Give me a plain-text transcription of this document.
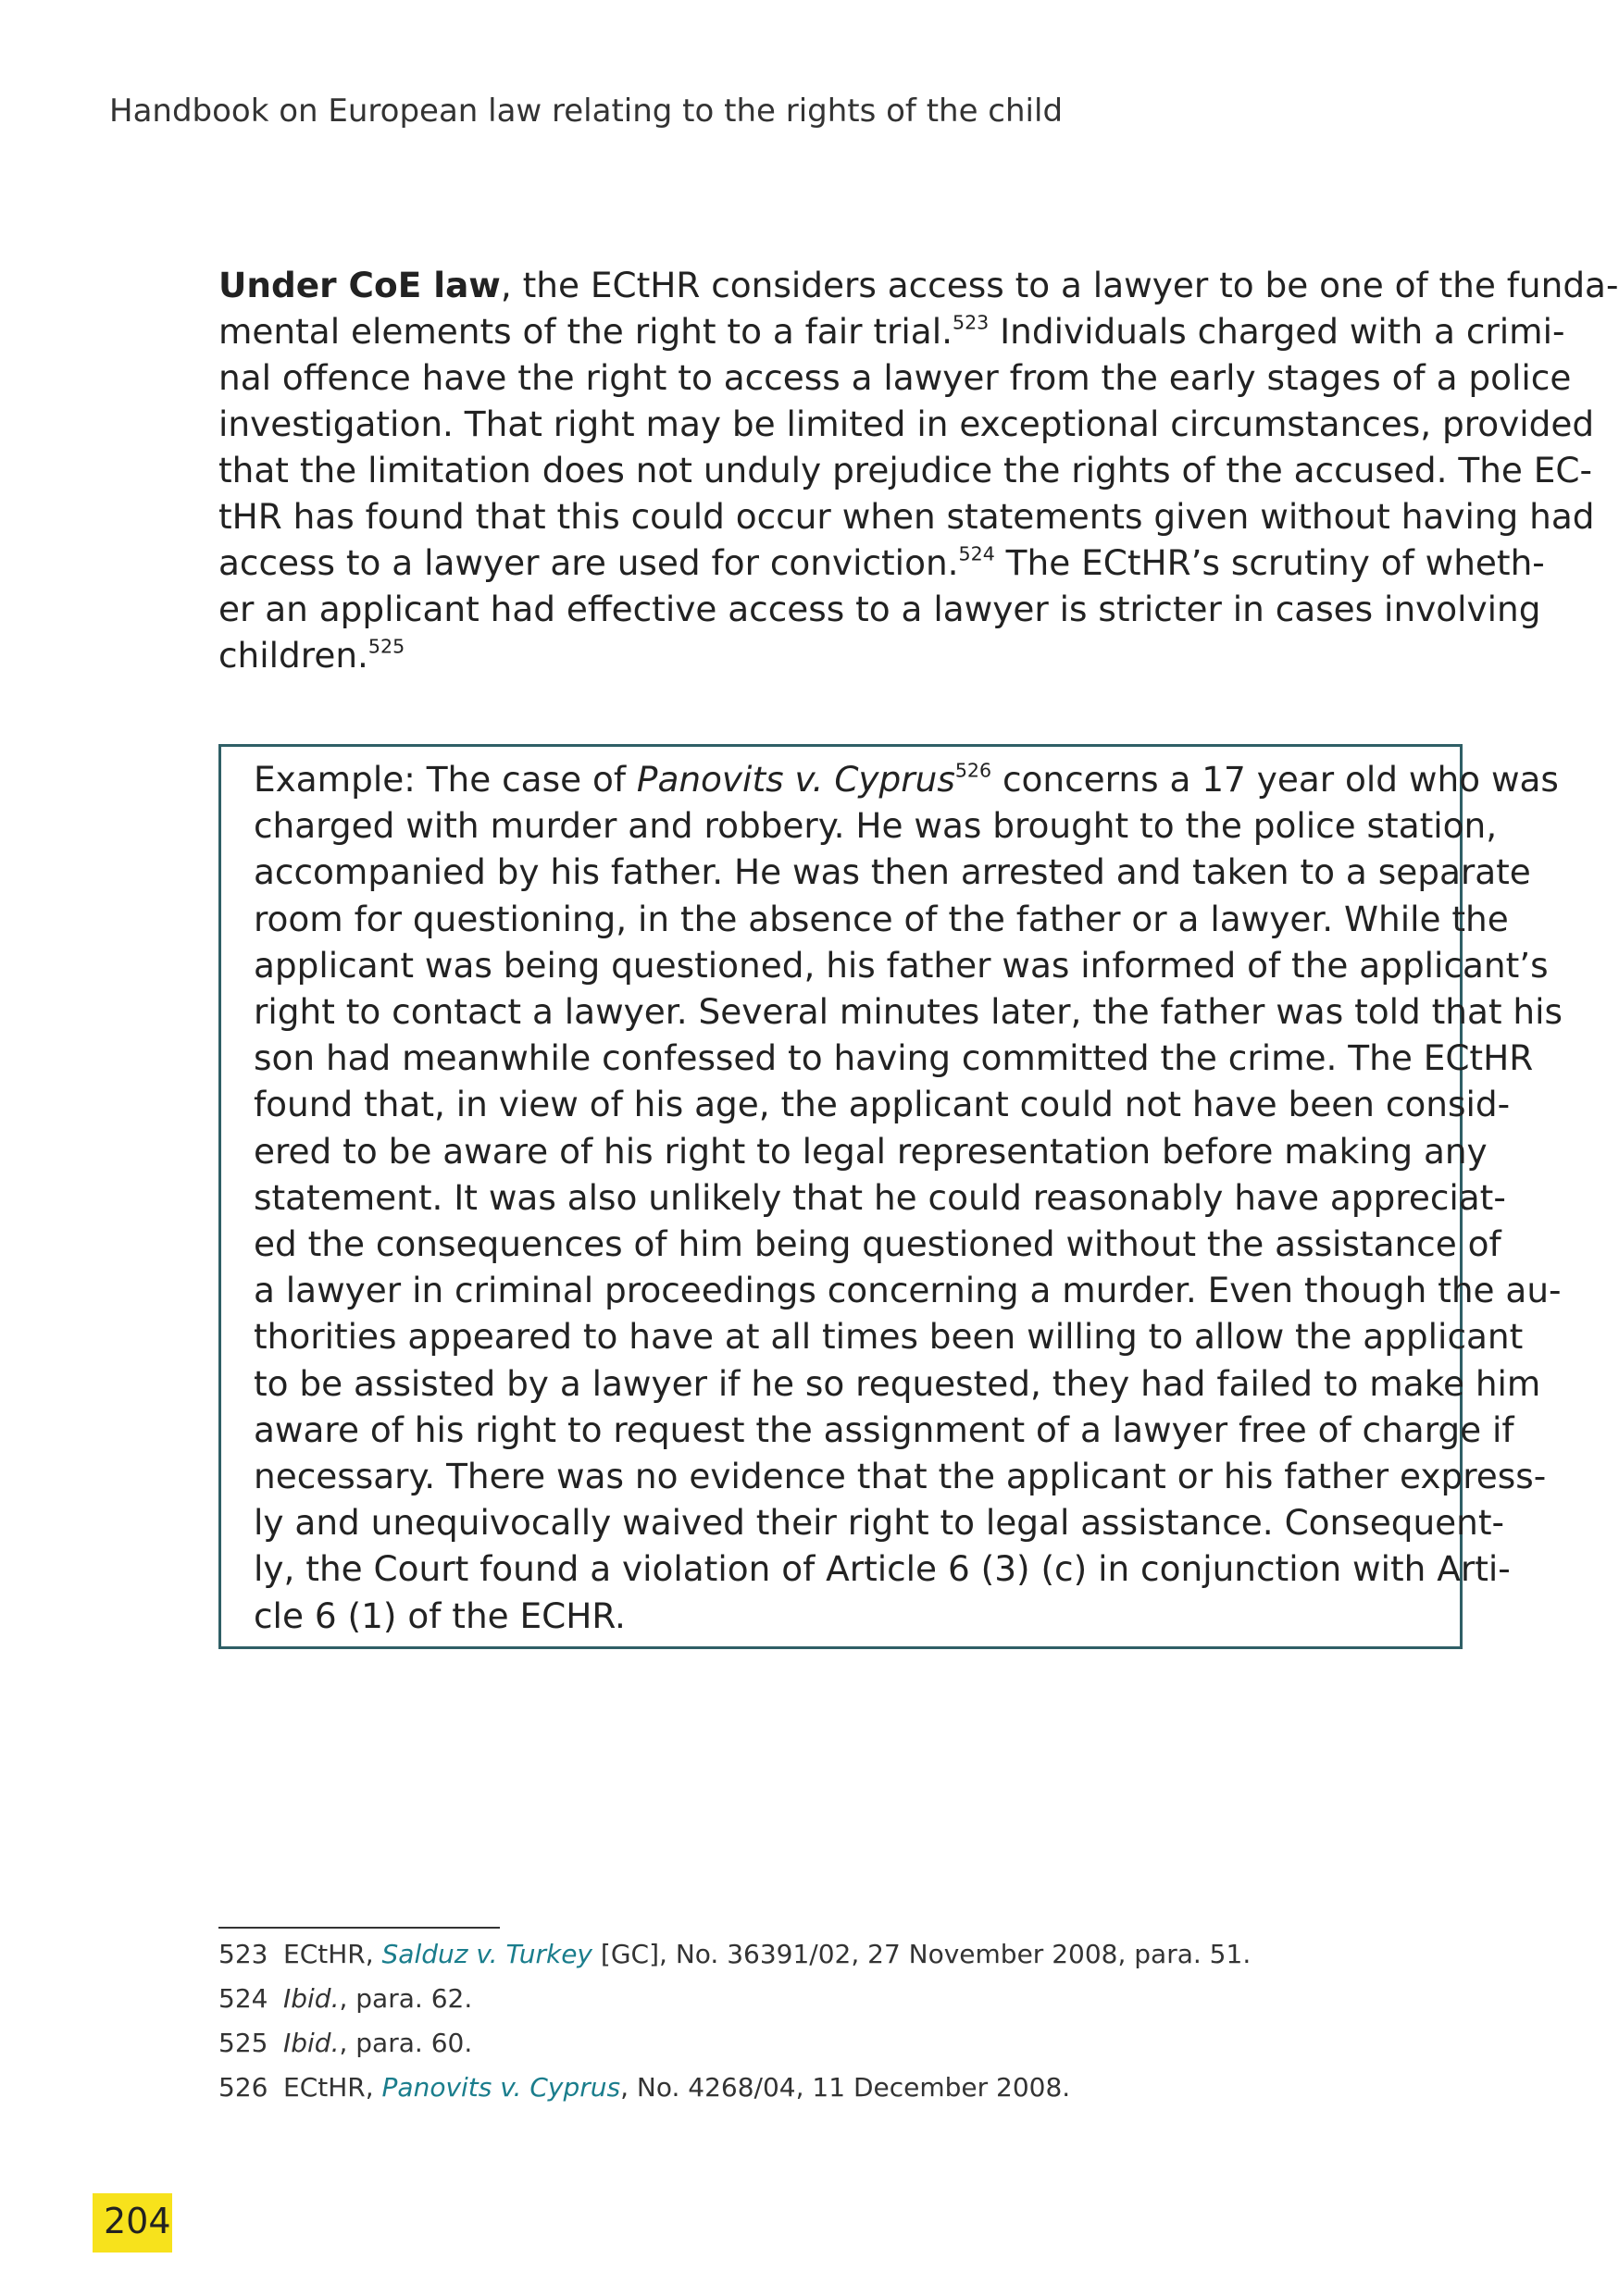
Handbook on European law relating to the rights of the child
Under CoE law, the ECtHR considers access to a lawyer to be one of the funda-
mental elements of the right to a fair trial.$^{523}$ Individuals charged with a crimi-
nal offence have the right to access a lawyer from the early stages of a police
investigation. That right may be limited in exceptional circumstances, provided
that the limitation does not unduly prejudice the rights of the accused. The EC-
tHR has found that this could occur when statements given without having had
access to a lawyer are used for conviction.$^{524}$ The ECtHR’s scrutiny of wheth-
er an applicant had effective access to a lawyer is stricter in cases involving
children.$^{525}$
Example: The case of Panovits v. Cyprus$^{526}$ concerns a 17 year old who was
charged with murder and robbery. He was brought to the police station,
accompanied by his father. He was then arrested and taken to a separate
room for questioning, in the absence of the father or a lawyer. While the
applicant was being questioned, his father was informed of the applicant’s
right to contact a lawyer. Several minutes later, the father was told that his
son had meanwhile confessed to having committed the crime. The ECtHR
found that, in view of his age, the applicant could not have been consid-
ered to be aware of his right to legal representation before making any
statement. It was also unlikely that he could reasonably have appreciat-
ed the consequences of him being questioned without the assistance of
a lawyer in criminal proceedings concerning a murder. Even though the au-
thorities appeared to have at all times been willing to allow the applicant
to be assisted by a lawyer if he so requested, they had failed to make him
aware of his right to request the assignment of a lawyer free of charge if
necessary. There was no evidence that the applicant or his father express-
ly and unequivocally waived their right to legal assistance. Consequent-
ly, the Court found a violation of Article 6 (3) (c) in conjunction with Arti-
cle 6 (1) of the ECHR.
523 ECtHR, Salduz v. Turkey [GC], No. 36391/02, 27 November 2008, para. 51.
524 Ibid., para. 62.
525 Ibid., para. 60.
526 ECtHR, Panovits v. Cyprus, No. 4268/04, 11 December 2008.
204
